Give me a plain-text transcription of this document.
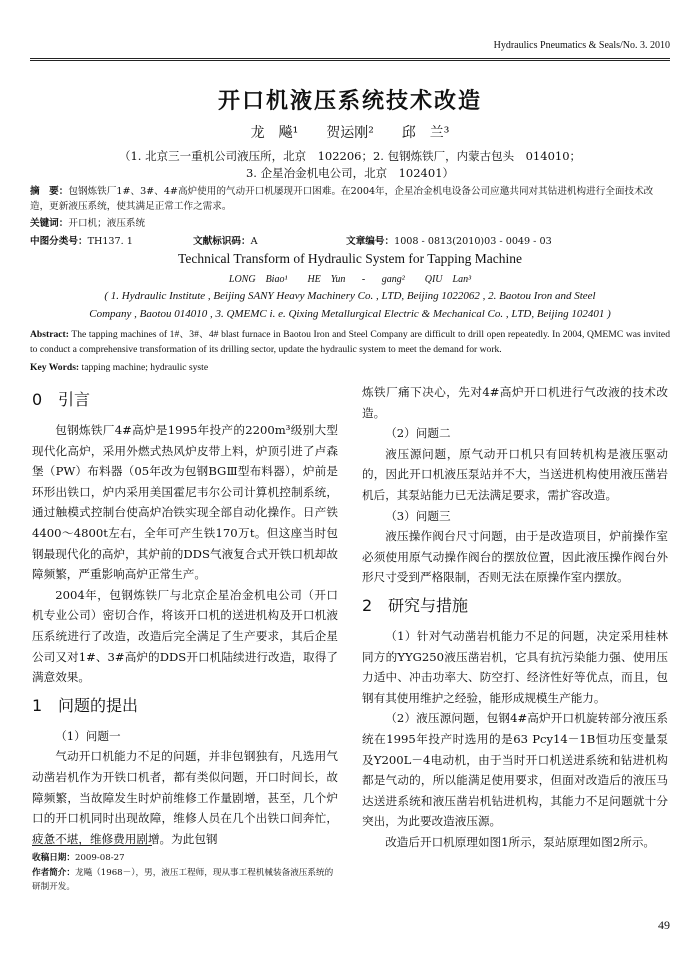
Hydraulics Pneumatics & Seals/No. 3. 2010
开口机液压系统技术改造
龙　飚¹　　贺运刚²　　邱　兰³
（1. 北京三一重机公司液压所，北京　102206；2. 包钢炼铁厂，内蒙古包头　014010；
3. 企星冶金机电公司，北京　102401）
摘　要：包钢炼铁厂1#、3#、4#高炉使用的气动开口机屡现开口困难。在2004年，企星冶金机电设备公司应邀共同对其钻进机构进行全面技术改造，更新液压系统，使其满足正常工作之需求。
关键词：开口机；液压系统
中图分类号：TH137. 1	文献标识码：A	文章编号：1008 - 0813(2010)03 - 0049 - 03
Technical Transform of Hydraulic System for Tapping Machine
LONG　Biao¹　　HE　Yun - gang²　　QIU　Lan³
( 1. Hydraulic Institute , Beijing SANY Heavy Machinery Co. , LTD, Beijing 1022062 , 2. Baotou Iron and Steel
Company , Baotou 014010 , 3. QMEMC i. e. Qixing Metallurgical Electric & Mechanical Co. , LTD, Beijing 102401 )
Abstract: The tapping machines of 1#、3#、4# blast furnace in Baotou Iron and Steel Company are difficult to drill open repeatedly. In 2004, QMEMC was invited to conduct a comprehensive transformation of its drilling sector, update the hydraulic system to meet the demand for work.
Key Words: tapping machine; hydraulic syste
0 引言

包钢炼铁厂4#高炉是1995年投产的2200m³级别大型现代化高炉，采用外燃式热风炉皮带上料，炉顶引进了卢森堡（PW）布料器（05年改为包钢BGⅢ型布料器），炉前是环形出铁口，炉内采用美国霍尼韦尔公司计算机控制系统，通过触模式控制台使高炉冶铁实现全部自动化操作。日产铁4400～4800t左右，全年可产生铁170万t。但这座当时包钢最现代化的高炉，其炉前的DDS气液复合式开铁口机却故障频繁，严重影响高炉正常生产。

2004年，包钢炼铁厂与北京企星冶金机电公司（开口机专业公司）密切合作，将该开口机的送进机构及开口机液压系统进行了改造，改造后完全满足了生产要求，其后企星公司又对1#、3#高炉的DDS开口机陆续进行改造，取得了满意效果。

1 问题的提出

（1）问题一

气动开口机能力不足的问题，并非包钢独有，凡选用气动凿岩机作为开铁口机者，都有类似问题，开口时间长，故障频繁，当故障发生时炉前维修工作量剧增，甚至，几个炉口的开口机同时出现故障，维修人员在几个出铁口间奔忙，疲惫不堪，维修费用剧增。为此包钢

炼铁厂痛下决心，先对4#高炉开口机进行气改液的技术改造。

（2）问题二

液压源问题，原气动开口机只有回转机构是液压驱动的，因此开口机液压泵站并不大，当送进机构使用液压凿岩机后，其泵站能力已无法满足要求，需扩容改造。

（3）问题三

液压操作阀台尺寸问题，由于是改造项目，炉前操作室必须使用原气动操作阀台的摆放位置，因此液压操作阀台外形尺寸受到严格限制，否则无法在原操作室内摆放。

2 研究与措施

（1）针对气动凿岩机能力不足的问题，决定采用桂林同方的YYG250液压凿岩机，它具有抗污染能力强、使用压力适中、冲击功率大、防空打、经济性好等优点，而且，包钢有其使用维护之经验，能形成规模生产能力。

（2）液压源问题，包钢4#高炉开口机旋转部分液压系统在1995年投产时选用的是63 Pcy14－1B恒功压变量泵及Y200L－4电动机，由于当时开口机送进系统和钻进机构都是气动的，所以能满足使用要求，但面对改造后的液压马达送进系统和液压凿岩机钻进机构，其能力不足问题就十分突出，为此要改造液压源。

改造后开口机原理如图1所示，泵站原理如图2所示。

收稿日期：2009-08-27
作者简介：龙飚（1968－），男，液压工程师，现从事工程机械装备液压系统的研制开发。
49
